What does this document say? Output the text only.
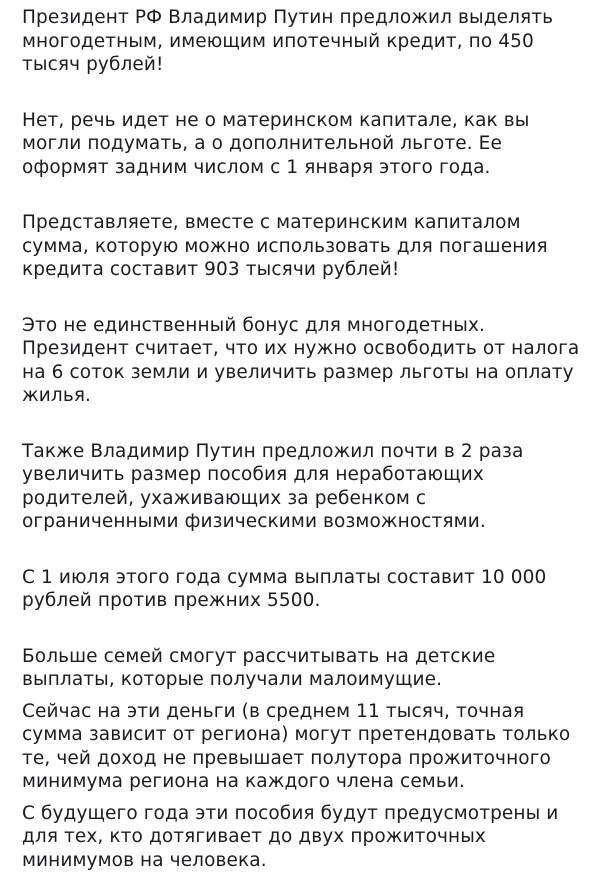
Президент РФ Владимир Путин предложил выделять многодетным, имеющим ипотечный кредит, по 450 тысяч рублей!

Нет, речь идет не о материнском капитале, как вы могли подумать, а о дополнительной льготе. Ее оформят задним числом с 1 января этого года.

Представляете, вместе с материнским капиталом сумма, которую можно использовать для погашения кредита составит 903 тысячи рублей!

Это не единственный бонус для многодетных. Президент считает, что их нужно освободить от налога на 6 соток земли и увеличить размер льготы на оплату жилья.

Также Владимир Путин предложил почти в 2 раза увеличить размер пособия для неработающих родителей, ухаживающих за ребенком с ограниченными физическими возможностями.

С 1 июля этого года сумма выплаты составит 10 000 рублей против прежних 5500.

Больше семей смогут рассчитывать на детские выплаты, которые получали малоимущие.

Сейчас на эти деньги (в среднем 11 тысяч, точная сумма зависит от региона) могут претендовать только те, чей доход не превышает полутора прожиточного минимума региона на каждого члена семьи.

С будущего года эти пособия будут предусмотрены и для тех, кто дотягивает до двух прожиточных минимумов на человека.
